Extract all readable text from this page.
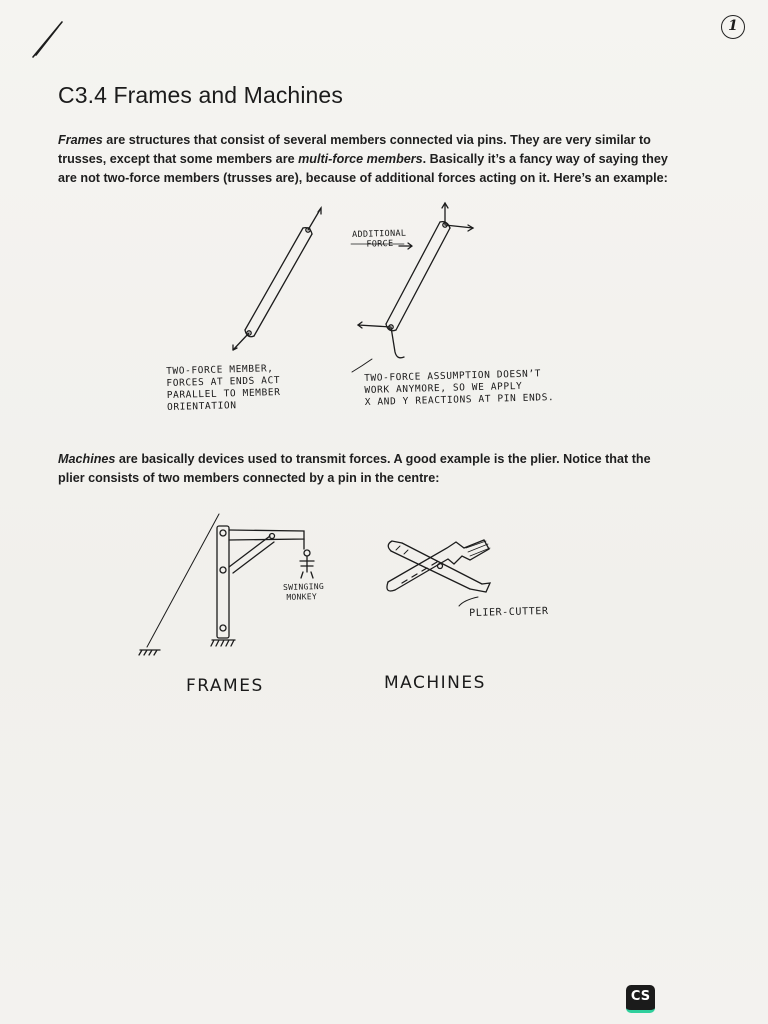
1
C3.4 Frames and Machines

Frames are structures that consist of several members connected via pins. They are very similar to trusses, except that some members are multi-force members. Basically it’s a fancy way of saying they are not two-force members (trusses are), because of additional forces acting on it. Here’s an example:

ADDITIONAL
FORCE
TWO-FORCE MEMBER,
FORCES AT ENDS ACT
PARALLEL TO MEMBER
ORIENTATION
TWO-FORCE ASSUMPTION DOESN’T
WORK ANYMORE, SO WE APPLY
X AND Y REACTIONS AT PIN ENDS.

Machines are basically devices used to transmit forces. A good example is the plier. Notice that the plier consists of two members connected by a pin in the centre:

SWINGING
MONKEY
PLIER-CUTTER
FRAMES	MACHINES
CS
